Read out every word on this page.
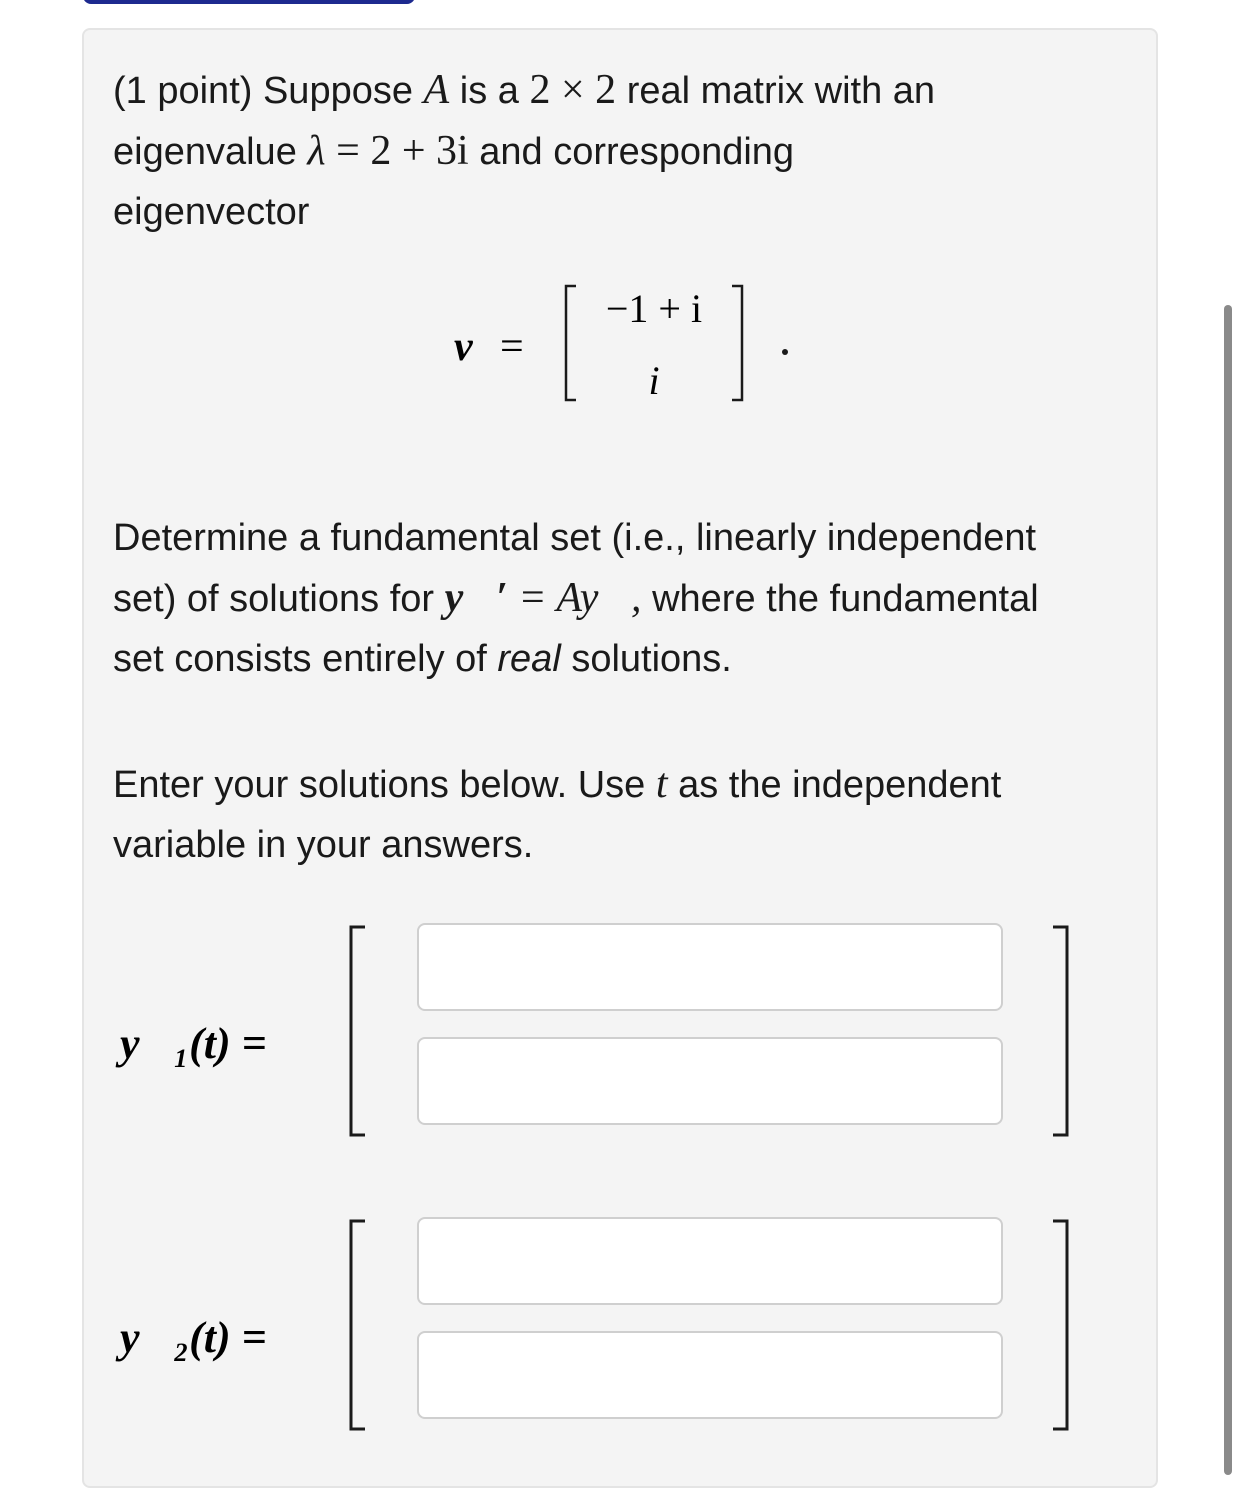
(1 point) Suppose A is a 2 × 2 real matrix with an
eigenvalue λ = 2 + 3i and corresponding
eigenvector

v⃗
=
−1 + i
i

Determine a fundamental set (i.e., linearly independent
set) of solutions for y⃗′ = Ay⃗, where the fundamental
set consists entirely of real solutions.

Enter your solutions below. Use t as the independent
variable in your answers.

y⃗₁(t) =
y⃗₂(t) =
